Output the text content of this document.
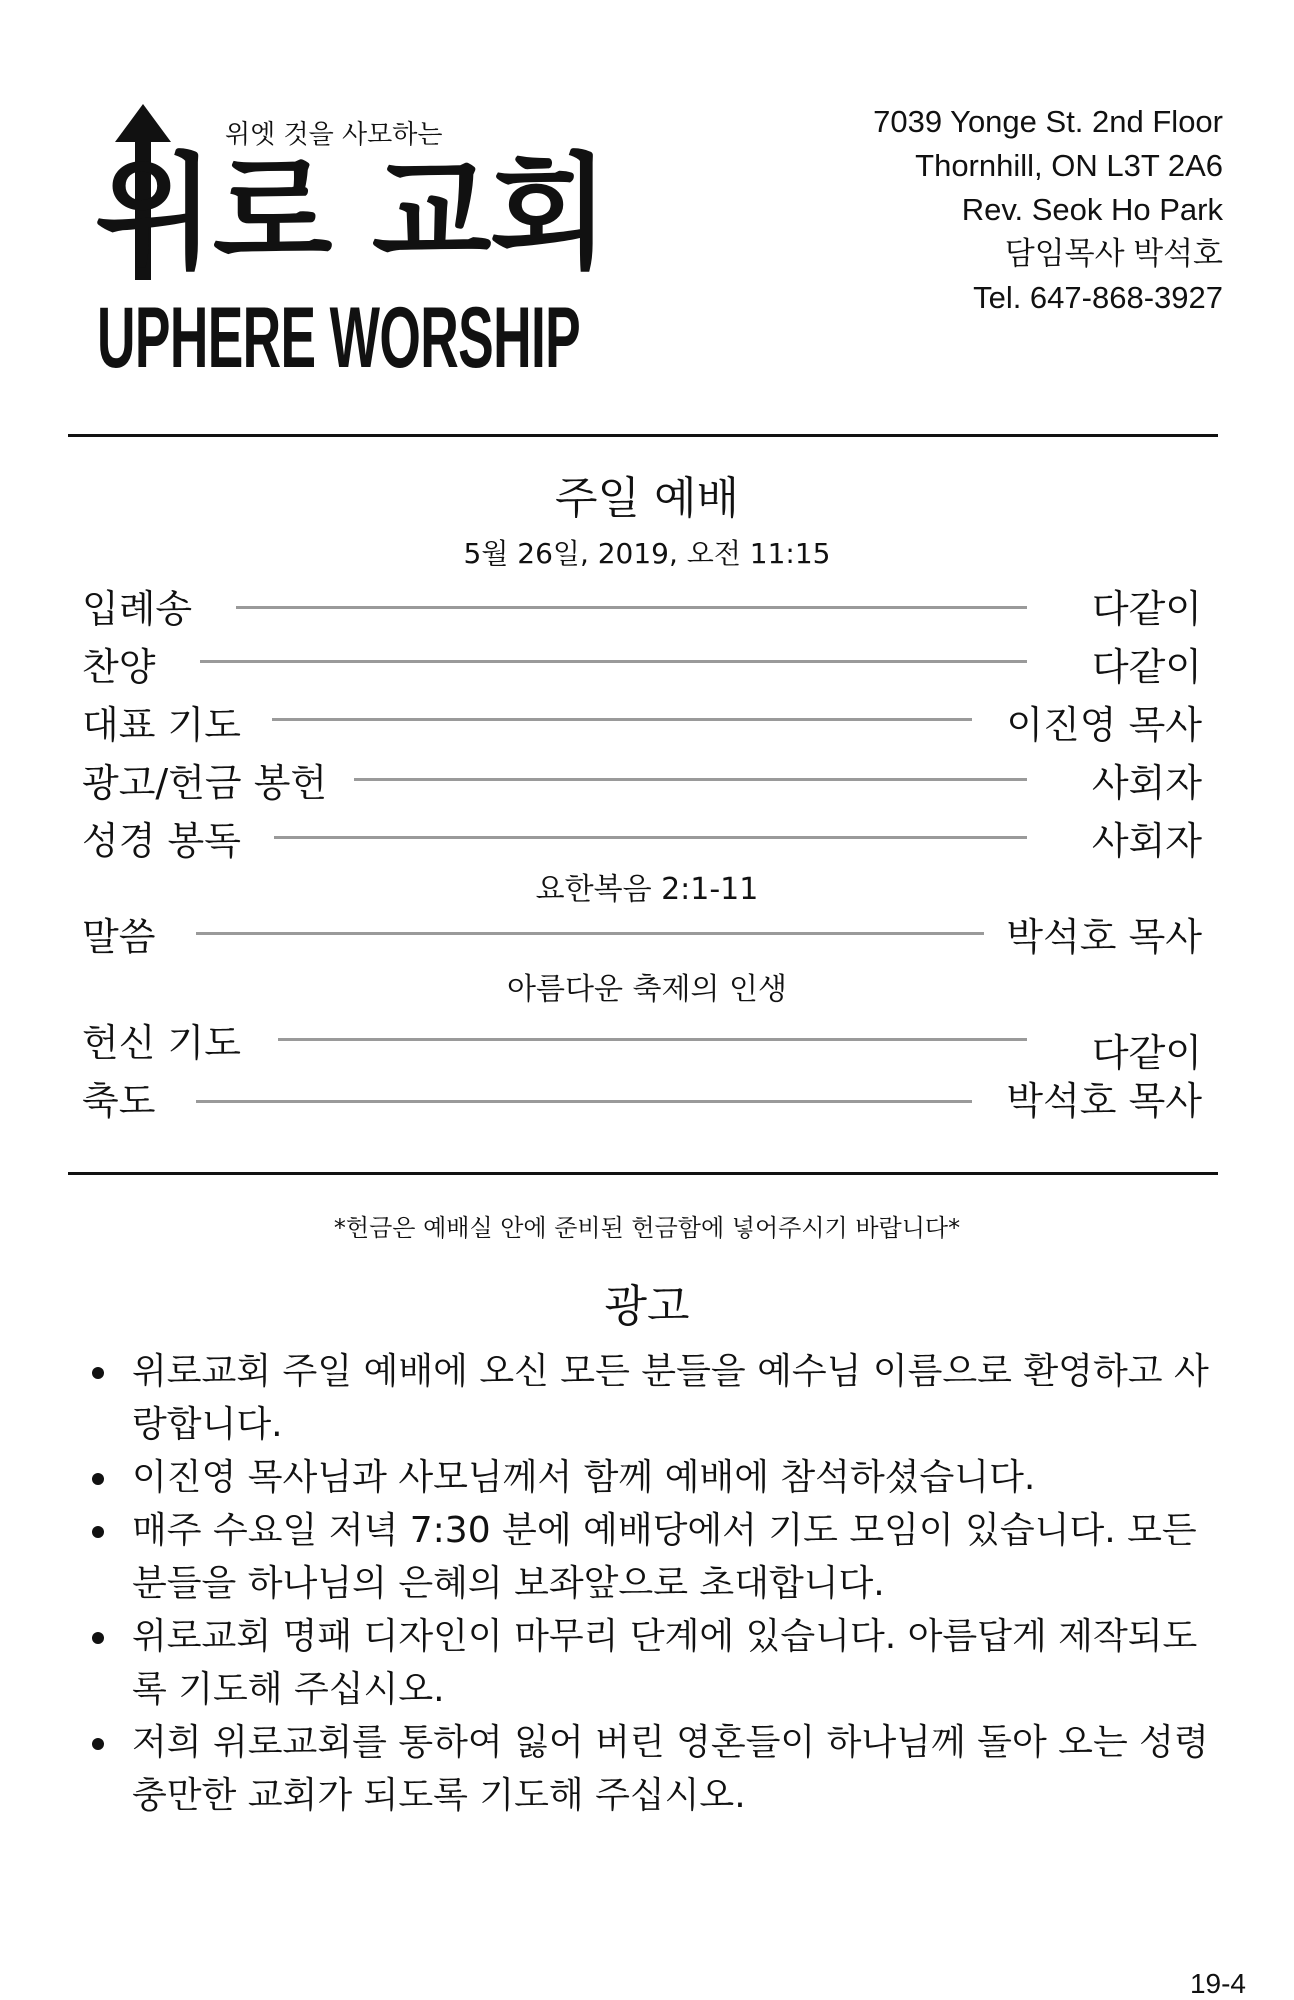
위엣 것을 사모하는
위로 교회
UPHERE WORSHIP
7039 Yonge St. 2nd Floor
Thornhill, ON L3T 2A6
Rev. Seok Ho Park
담임목사 박석호
Tel. 647-868-3927
주일 예배
5월 26일, 2019, 오전 11:15
입례송	다같이
찬양	다같이
대표 기도	이진영 목사
광고/헌금 봉헌	사회자
성경 봉독	사회자
요한복음 2:1-11
말씀	박석호 목사
아름다운 축제의 인생
헌신 기도	다같이
축도	박석호 목사
*헌금은 예배실 안에 준비된 헌금함에 넣어주시기 바랍니다*
광고
위로교회 주일 예배에 오신 모든 분들을 예수님 이름으로 환영하고 사랑합니다.
이진영 목사님과 사모님께서 함께 예배에 참석하셨습니다.
매주 수요일 저녁 7:30 분에 예배당에서 기도 모임이 있습니다. 모든 분들을 하나님의 은혜의 보좌앞으로 초대합니다.
위로교회 명패 디자인이 마무리 단계에 있습니다. 아름답게 제작되도록 기도해 주십시오.
저희 위로교회를 통하여 잃어 버린 영혼들이 하나님께 돌아 오는 성령 충만한 교회가 되도록 기도해 주십시오.
19-4
